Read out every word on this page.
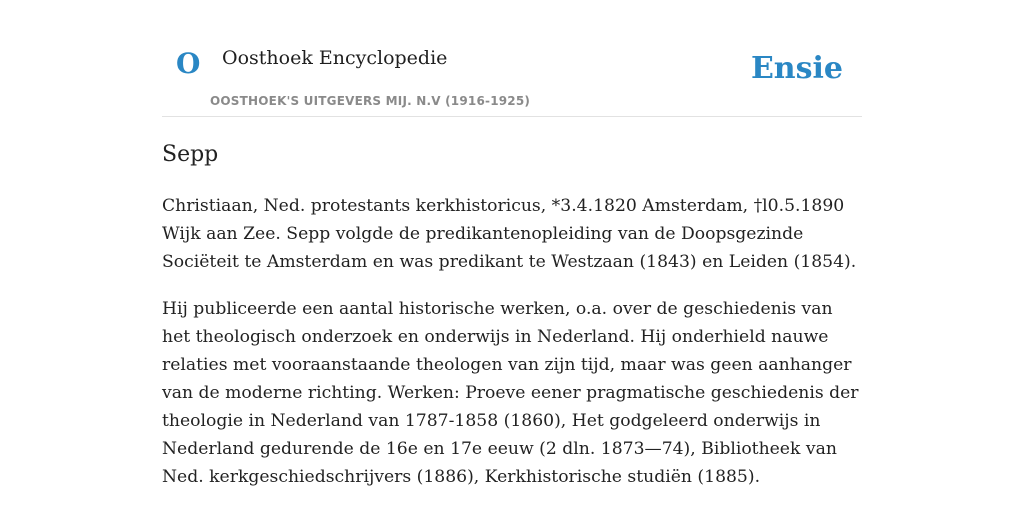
O Oosthoek Encyclopedie
OOSTHOEK'S UITGEVERS MIJ. N.V (1916-1925)
Ensie
Sepp

Christiaan, Ned. protestants kerkhistoricus, *3.4.1820 Amsterdam, †l0.5.1890 Wijk aan Zee. Sepp volgde de predikantenopleiding van de Doopsgezinde Sociëteit te Amsterdam en was predikant te Westzaan (1843) en Leiden (1854).

Hij publiceerde een aantal historische werken, o.a. over de geschiedenis van het theologisch onderzoek en onderwijs in Nederland. Hij onderhield nauwe relaties met vooraanstaande theologen van zijn tijd, maar was geen aanhanger van de moderne richting. Werken: Proeve eener pragmatische geschiedenis der theologie in Nederland van 1787-1858 (1860), Het godgeleerd onderwijs in Nederland gedurende de 16e en 17e eeuw (2 dln. 1873—74), Bibliotheek van Ned. kerkgeschiedschrijvers (1886), Kerkhistorische studiën (1885).
